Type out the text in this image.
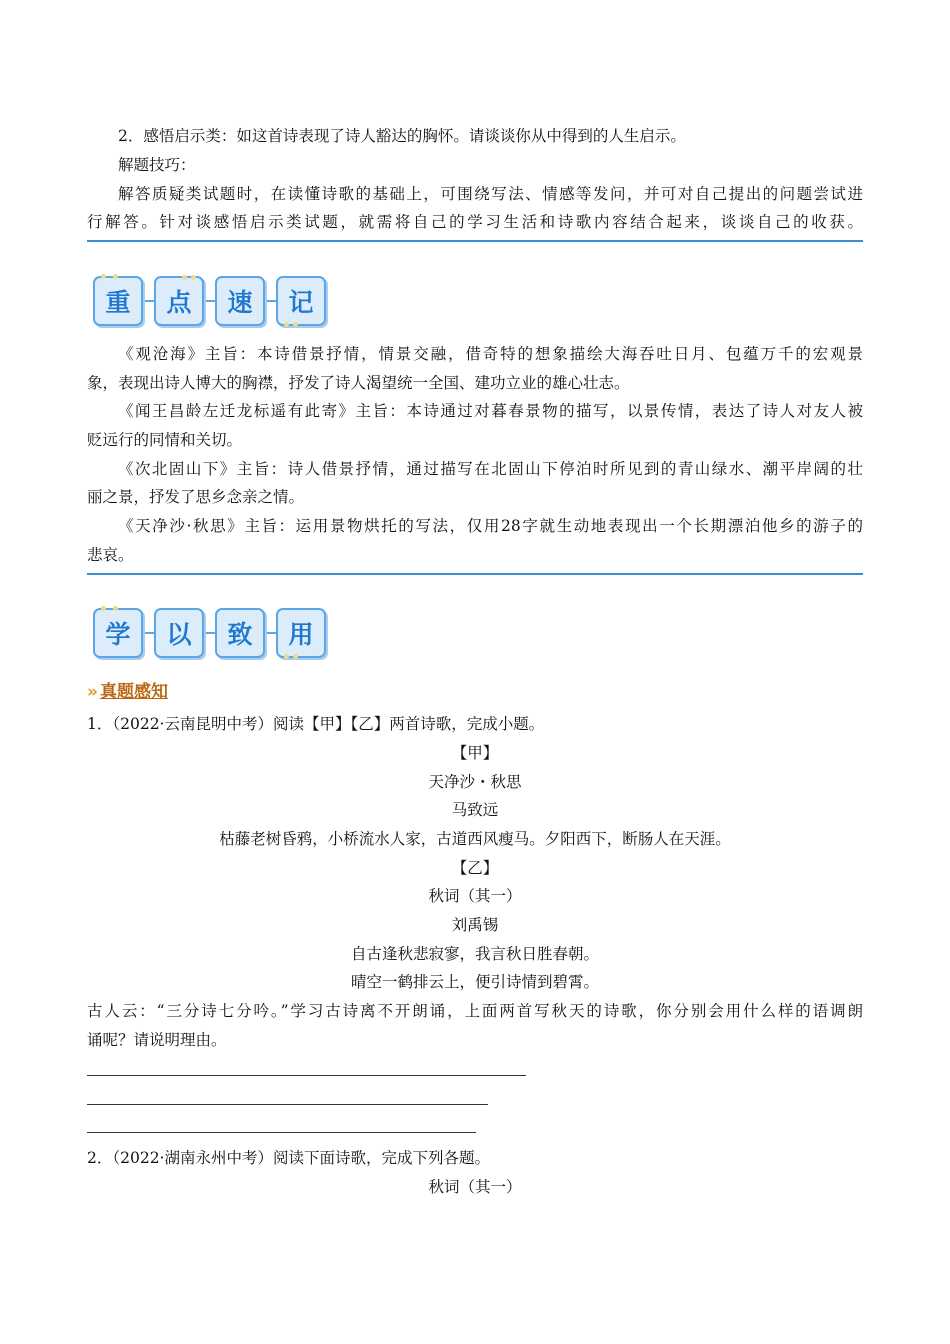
2．感悟启示类：如这首诗表现了诗人豁达的胸怀。请谈谈你从中得到的人生启示。
解题技巧：
解答质疑类试题时，在读懂诗歌的基础上，可围绕写法、情感等发问，并可对自己提出的问题尝试进
行解答。针对谈感悟启示类试题，就需将自己的学习生活和诗歌内容结合起来，谈谈自己的收获。
重 点 速 记
《观沧海》主旨：本诗借景抒情，情景交融，借奇特的想象描绘大海吞吐日月、包蕴万千的宏观景
象，表现出诗人博大的胸襟，抒发了诗人渴望统一全国、建功立业的雄心壮志。
《闻王昌龄左迁龙标遥有此寄》主旨：本诗通过对暮春景物的描写，以景传情，表达了诗人对友人被
贬远行的同情和关切。
《次北固山下》主旨：诗人借景抒情，通过描写在北固山下停泊时所见到的青山绿水、潮平岸阔的壮
丽之景，抒发了思乡念亲之情。
《天净沙·秋思》主旨：运用景物烘托的写法，仅用28字就生动地表现出一个长期漂泊他乡的游子的
悲哀。
学 以 致 用
» 真题感知
1．（2022·云南昆明中考）阅读【甲】【乙】两首诗歌，完成小题。
【甲】
天净沙・秋思
马致远
枯藤老树昏鸦，小桥流水人家，古道西风瘦马。夕阳西下，断肠人在天涯。
【乙】
秋词（其一）
刘禹锡
自古逢秋悲寂寥，我言秋日胜春朝。
晴空一鹤排云上，便引诗情到碧霄。
古人云：“三分诗七分吟。”学习古诗离不开朗诵，上面两首写秋天的诗歌，你分别会用什么样的语调朗
诵呢？请说明理由。
2．（2022·湖南永州中考）阅读下面诗歌，完成下列各题。
秋词（其一）
